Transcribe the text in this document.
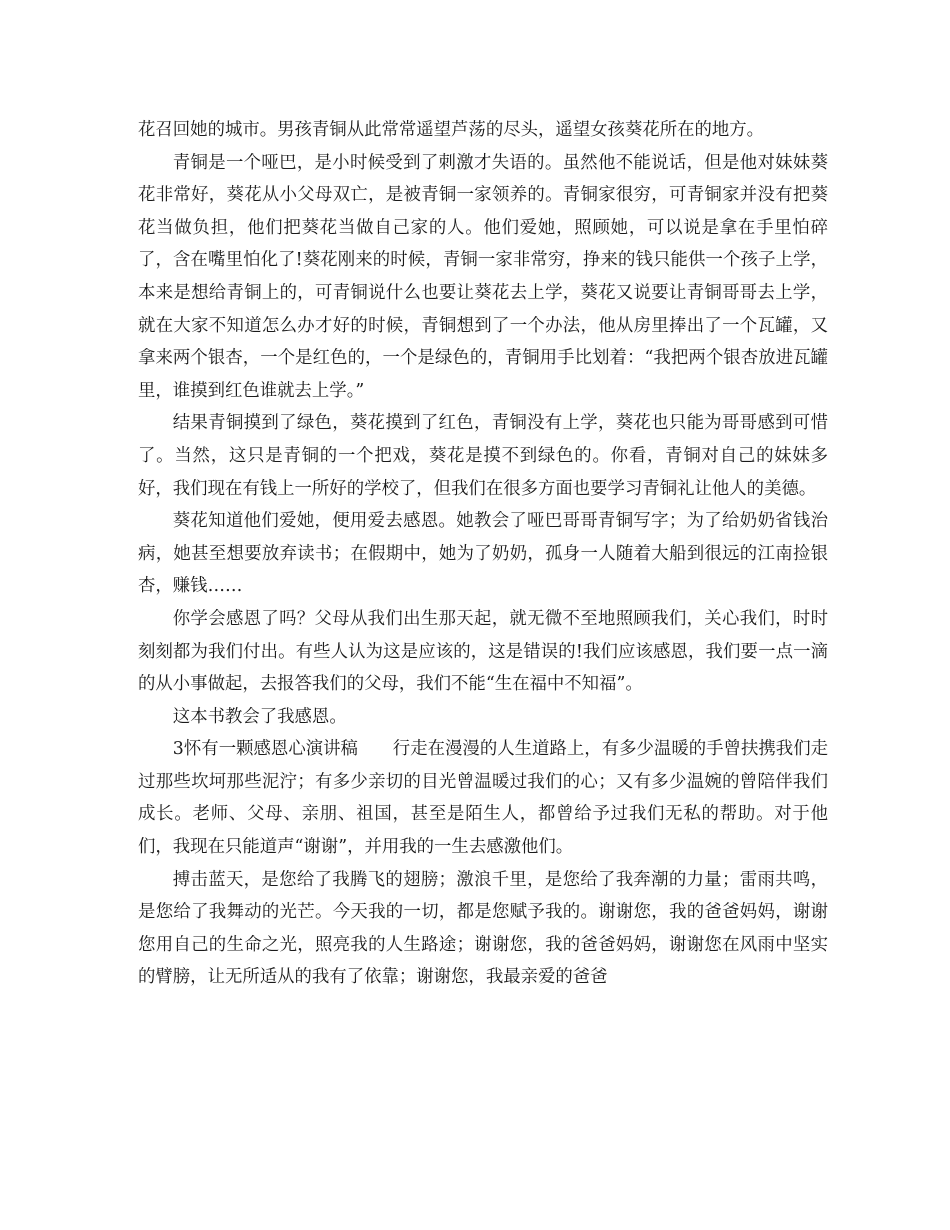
花召回她的城市。男孩青铜从此常常遥望芦荡的尽头，遥望女孩葵花所在的地方。

青铜是一个哑巴，是小时候受到了刺激才失语的。虽然他不能说话，但是他对妹妹葵花非常好，葵花从小父母双亡，是被青铜一家领养的。青铜家很穷，可青铜家并没有把葵花当做负担，他们把葵花当做自己家的人。他们爱她，照顾她，可以说是拿在手里怕碎了，含在嘴里怕化了!葵花刚来的时候，青铜一家非常穷，挣来的钱只能供一个孩子上学，本来是想给青铜上的，可青铜说什么也要让葵花去上学，葵花又说要让青铜哥哥去上学，就在大家不知道怎么办才好的时候，青铜想到了一个办法，他从房里捧出了一个瓦罐，又拿来两个银杏，一个是红色的，一个是绿色的，青铜用手比划着：“我把两个银杏放进瓦罐里，谁摸到红色谁就去上学。”

结果青铜摸到了绿色，葵花摸到了红色，青铜没有上学，葵花也只能为哥哥感到可惜了。当然，这只是青铜的一个把戏，葵花是摸不到绿色的。你看，青铜对自己的妹妹多好，我们现在有钱上一所好的学校了，但我们在很多方面也要学习青铜礼让他人的美德。

葵花知道他们爱她，便用爱去感恩。她教会了哑巴哥哥青铜写字；为了给奶奶省钱治病，她甚至想要放弃读书；在假期中，她为了奶奶，孤身一人随着大船到很远的江南捡银杏，赚钱……

你学会感恩了吗？父母从我们出生那天起，就无微不至地照顾我们，关心我们，时时刻刻都为我们付出。有些人认为这是应该的，这是错误的!我们应该感恩，我们要一点一滴的从小事做起，去报答我们的父母，我们不能“生在福中不知福”。

这本书教会了我感恩。

3怀有一颗感恩心演讲稿　　行走在漫漫的人生道路上，有多少温暖的手曾扶携我们走过那些坎坷那些泥泞；有多少亲切的目光曾温暖过我们的心；又有多少温婉的曾陪伴我们成长。老师、父母、亲朋、祖国，甚至是陌生人，都曾给予过我们无私的帮助。对于他们，我现在只能道声“谢谢”，并用我的一生去感激他们。

搏击蓝天，是您给了我腾飞的翅膀；激浪千里，是您给了我奔潮的力量；雷雨共鸣，是您给了我舞动的光芒。今天我的一切，都是您赋予我的。谢谢您，我的爸爸妈妈，谢谢您用自己的生命之光，照亮我的人生路途；谢谢您，我的爸爸妈妈，谢谢您在风雨中坚实的臂膀，让无所适从的我有了依靠；谢谢您，我最亲爱的爸爸
